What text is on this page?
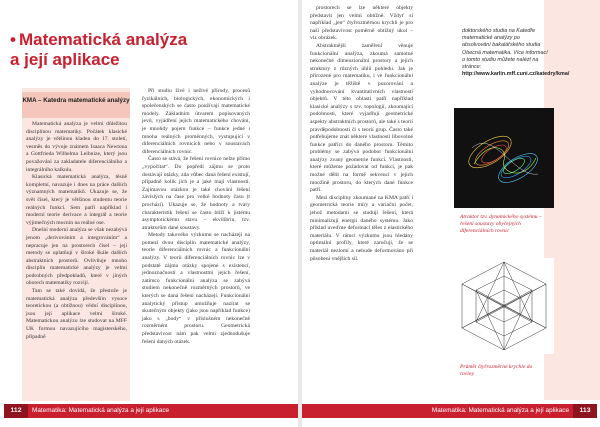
• Matematická analýza
a její aplikace
KMA – Katedra matematické analýzy

Matematická analýza je velmi důležitou disciplínou matematiky. Počátek klasické analýzy je většinou kladen do 17. století, vesměs do vývoje známem Isaaca Newtona a Gottfrieda Wilhelma Leibnize, který jsou považováni za zakladatele diferenciálního a integrálního kalkulu.

Klasická matematická analýza, těsně kompletní, navazuje i dnes na práce dalších významných matematiků. Ukazuje se, že svět čísel, který je většinou studentu teorie reálných funkcí. Sem patří například i moderní teorie derivace a integrál a teorie výjimečných mocnin na reálné ose.

Dnešní moderní analýza se však nezabývá jenom „derivováním a integrováním“ a nepracuje jen na prostorech čísel – její metody se uplatňují v široké škále dalších abstraktních prostorů. Ovlivňuje mnoho disciplín matematické analýzy je velmi podrobných předpokladů, které v jiných oborech matematiky rozvijí.

Tam se také dovídá, že přestože je matematická analýza především vysoce teoretickou (a obtížnou) vědní disciplínou, jsou její aplikace velmi široké. Matematickou analýzu lze studovat na MFF UK formou navazujícího magisterského, případně

Při studiu živé i neživé přírody, procesů fyzikálních, biologických, ekonomických i společenských se často používají matematické modely. Základním útvarem popisovaných jevů, vyjádření jejich matematického chování, je mnohdy pojem funkce – funkce jedné i mnoha reálných proměnných, vystupující v diferenciálních rovnicích nebo v soustavách diferenciálních rovnic.

Často se stává, že řešení rovnice nelze přímo „vypočítat“. Do popředí zájmu se proto dostávají otázky, zda vůbec daná řešení existují, případně kolik jich je a jaké mají vlastnosti. Zajímavou otázkou je také chování řešení závislých na čase pro velké hodnoty času (t prochází). Ukazuje se, že hodnoty a tvary charakteristik řešení se často blíží k jistému asymptotickému stavu – ekvilibriu, tzv. atraktorům dané soustavy.

Metody takového výzkumu se nacházejí na pomezí dvou disciplín matematické analýzy, teorie diferenciálních rovnic a funkcionální analýzy. V teorii diferenciálních rovnic lze v podstatě zájmu otázky spojené s existencí, jednoznačností a vlastnostmi jejich řešení, zatímco funkcionální analýza se zabývá studiem nekonečně rozměrných prostorů, ve kterých se daná řešení nacházejí. Funkcionální analytický přístup umožňuje nazírat se skutečným objekty (jako jsou například funkce) jako s „body“ v příslušném nekonečně rozměrném prostoru. Geometrická představivost nám pak velmi zjednodušuje řešení daných otázek.

prostorech se lze některé objekty představit jen velmi obtížně. Vždyť si například „jen“ čtyřrozměrnou krychli je pro naši představivost poměrně obtížný úkol – viz obrázek.

Abstraktnější zaměření věnuje funkcionální analýza, zkoumá samotné nekonečné dimenzionální prostory a jejich struktury z různých úhlů pohledu. Jak je přirozené pro matematiku, i ve funkcionální analýze je těžiště v pozorování a vyhodnocování kvantitativních vlastností objektů. V této oblasti patří například klasické analýzy s tzv. topologií, zkoumající podobnosti, které vyjadřují geometrické aspekty abstraktních prostorů, ale také s teorií pravděpodobnosti či s teorií grup. Často také potřebujeme znát některé vlastnosti libovolné funkce patřící do daného prostoru. Těmito problémy se zabývá podobor funkcionální analýzy zvaný geometrie funkcí. Vlastnosti, které můžeme požadovat od funkcí, je pak možné dělit na formě sekvencí v jejich množině prostoru, do kterých dané funkce patří.

Mezi disciplíny zkoumané na KMA patří i geometrická teorie míry a variační počet, jehož metodami se studují řešení, která minimalizují energii daného systému. Jako příklad uveďme deformaci těles z elastického materiálu. V rámci výzkumu jsou hledány optimální profily, které zaručují, že se materiál nezlomí a nebude deformováno při působení vnějších sil.

doktorského studia na Katedře matematické analýzy po absolvování bakalářského studia Obecná matematika. Více informací o tomto studiu můžete nalézt na stránce: http://www.karlin.mff.cuni.cz/katedry/kma/
Atraktor tzv. dynamického systému – řešení soustavy obyčejných diferenciálních rovnic
Průmět čtyřrozměrné krychle do roviny
112	Matematika: Matematická analýza a její aplikace	Matematika: Matematická analýza a její aplikace	113
